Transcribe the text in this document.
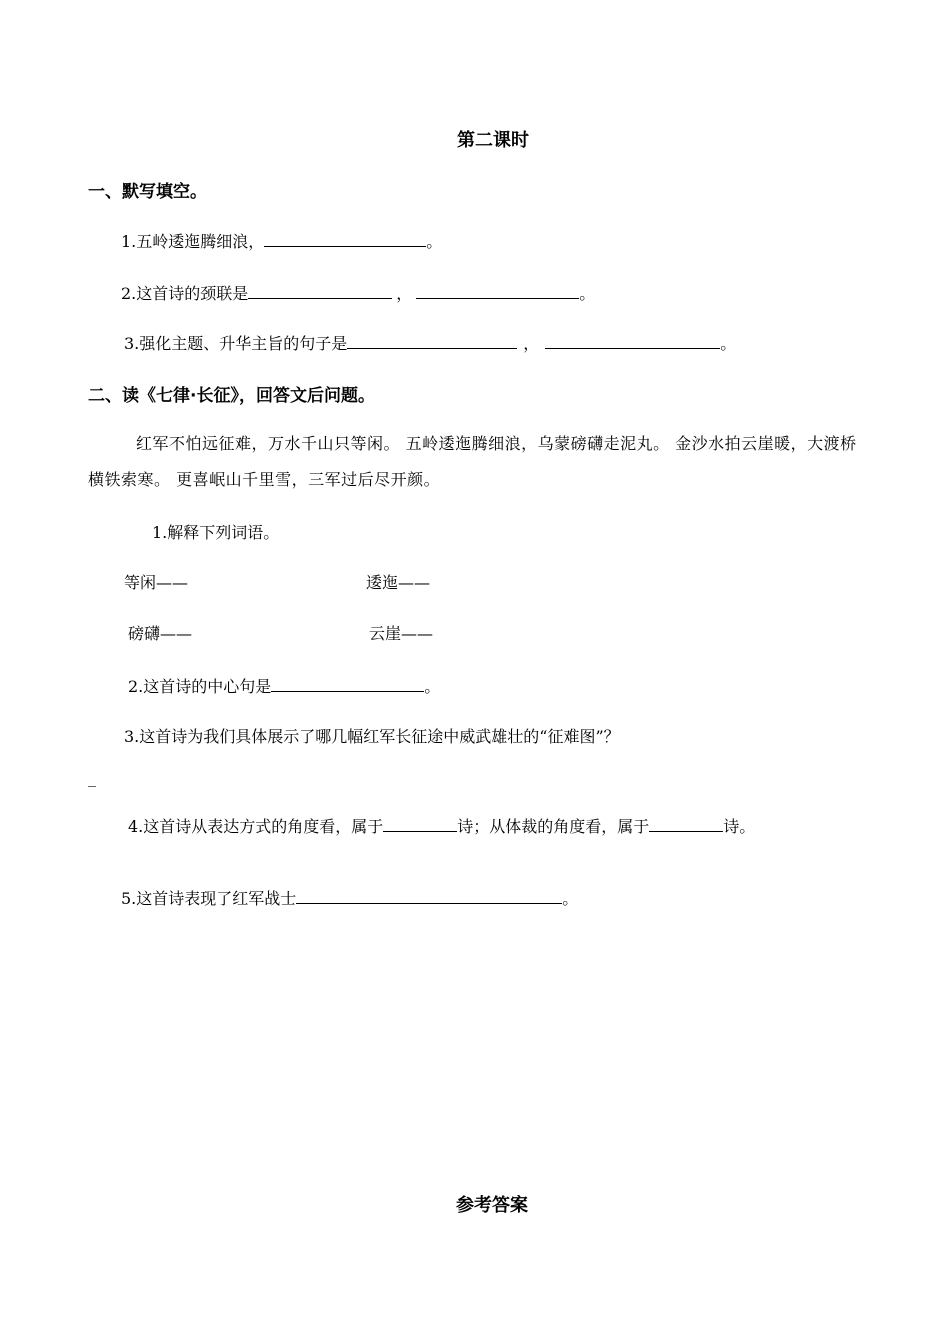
第二课时
一、默写填空。
1.五岭逶迤腾细浪，	。
2.这首诗的颈联是	，	。
3.强化主题、升华主旨的句子是	，	。
二、读《七律·长征》，回答文后问题。
红军不怕远征难，万水千山只等闲。 五岭逶迤腾细浪，乌蒙磅礴走泥丸。 金沙水拍云崖暖，大渡桥横铁索寒。 更喜岷山千里雪，三军过后尽开颜。
1.解释下列词语。
等闲——	逶迤——
磅礴——	云崖——
2.这首诗的中心句是	。
3.这首诗为我们具体展示了哪几幅红军长征途中威武雄壮的“征难图”？
_
4.这首诗从表达方式的角度看，属于	诗；从体裁的角度看，属于	诗。
5.这首诗表现了红军战士	。
参考答案
